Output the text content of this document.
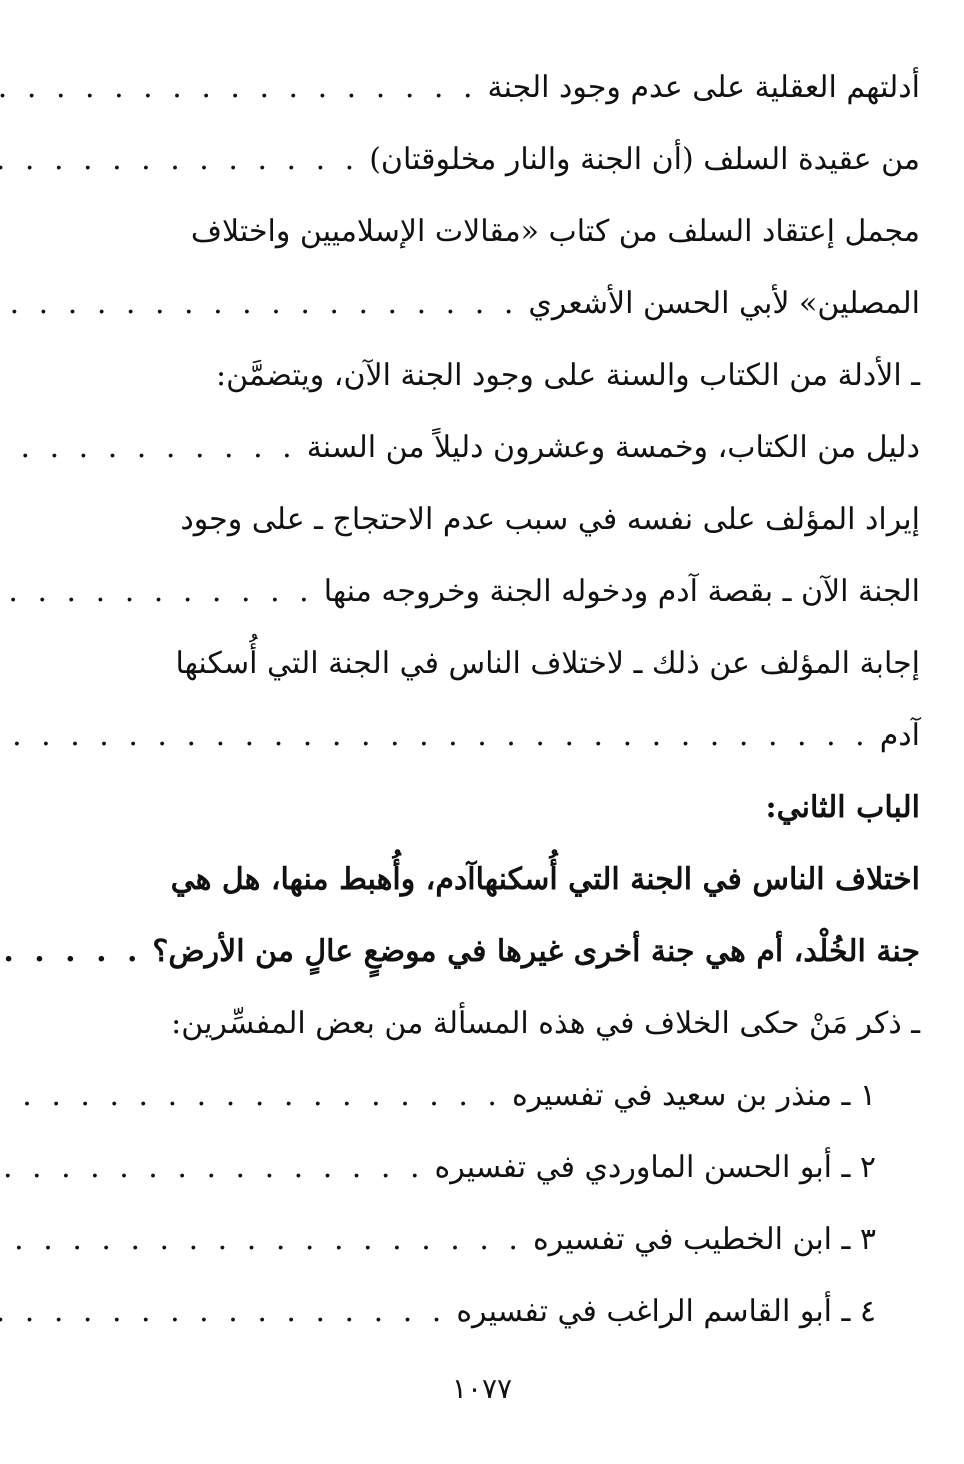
أدلتهم العقلية على عدم وجود الجنة
. . .
من عقيدة السلف (أن الجنة والنار مخلوقتان)
. . .
مجمل إعتقاد السلف من كتاب «مقالات الإسلاميين واختلاف
المصلين» لأبي الحسن الأشعري
. . .
ـ الأدلة من الكتاب والسنة على وجود الجنة الآن، ويتضمَّن:
دليل من الكتاب، وخمسة وعشرون دليلاً من السنة
. . .
إيراد المؤلف على نفسه في سبب عدم الاحتجاج ـ على وجود
الجنة الآن ـ بقصة آدم ودخوله الجنة وخروجه منها
. . .
إجابة المؤلف عن ذلك ـ لاختلاف الناس في الجنة التي أُسكنها
آدم
. . .
الباب الثاني:
اختلاف الناس في الجنة التي أُسكنهاآدم، وأُهبط منها، هل هي
جنة الخُلْد، أم هي جنة أخرى غيرها في موضعٍ عالٍ من الأرض؟
. . .
ـ ذكر مَنْ حكى الخلاف في هذه المسألة من بعض المفسِّرين:
١ ـ منذر بن سعيد في تفسيره
. . .
٢ ـ أبو الحسن الماوردي في تفسيره
. . .
٣ ـ ابن الخطيب في تفسيره
. . .
٤ ـ أبو القاسم الراغب في تفسيره
. . .
١٠٧٧
